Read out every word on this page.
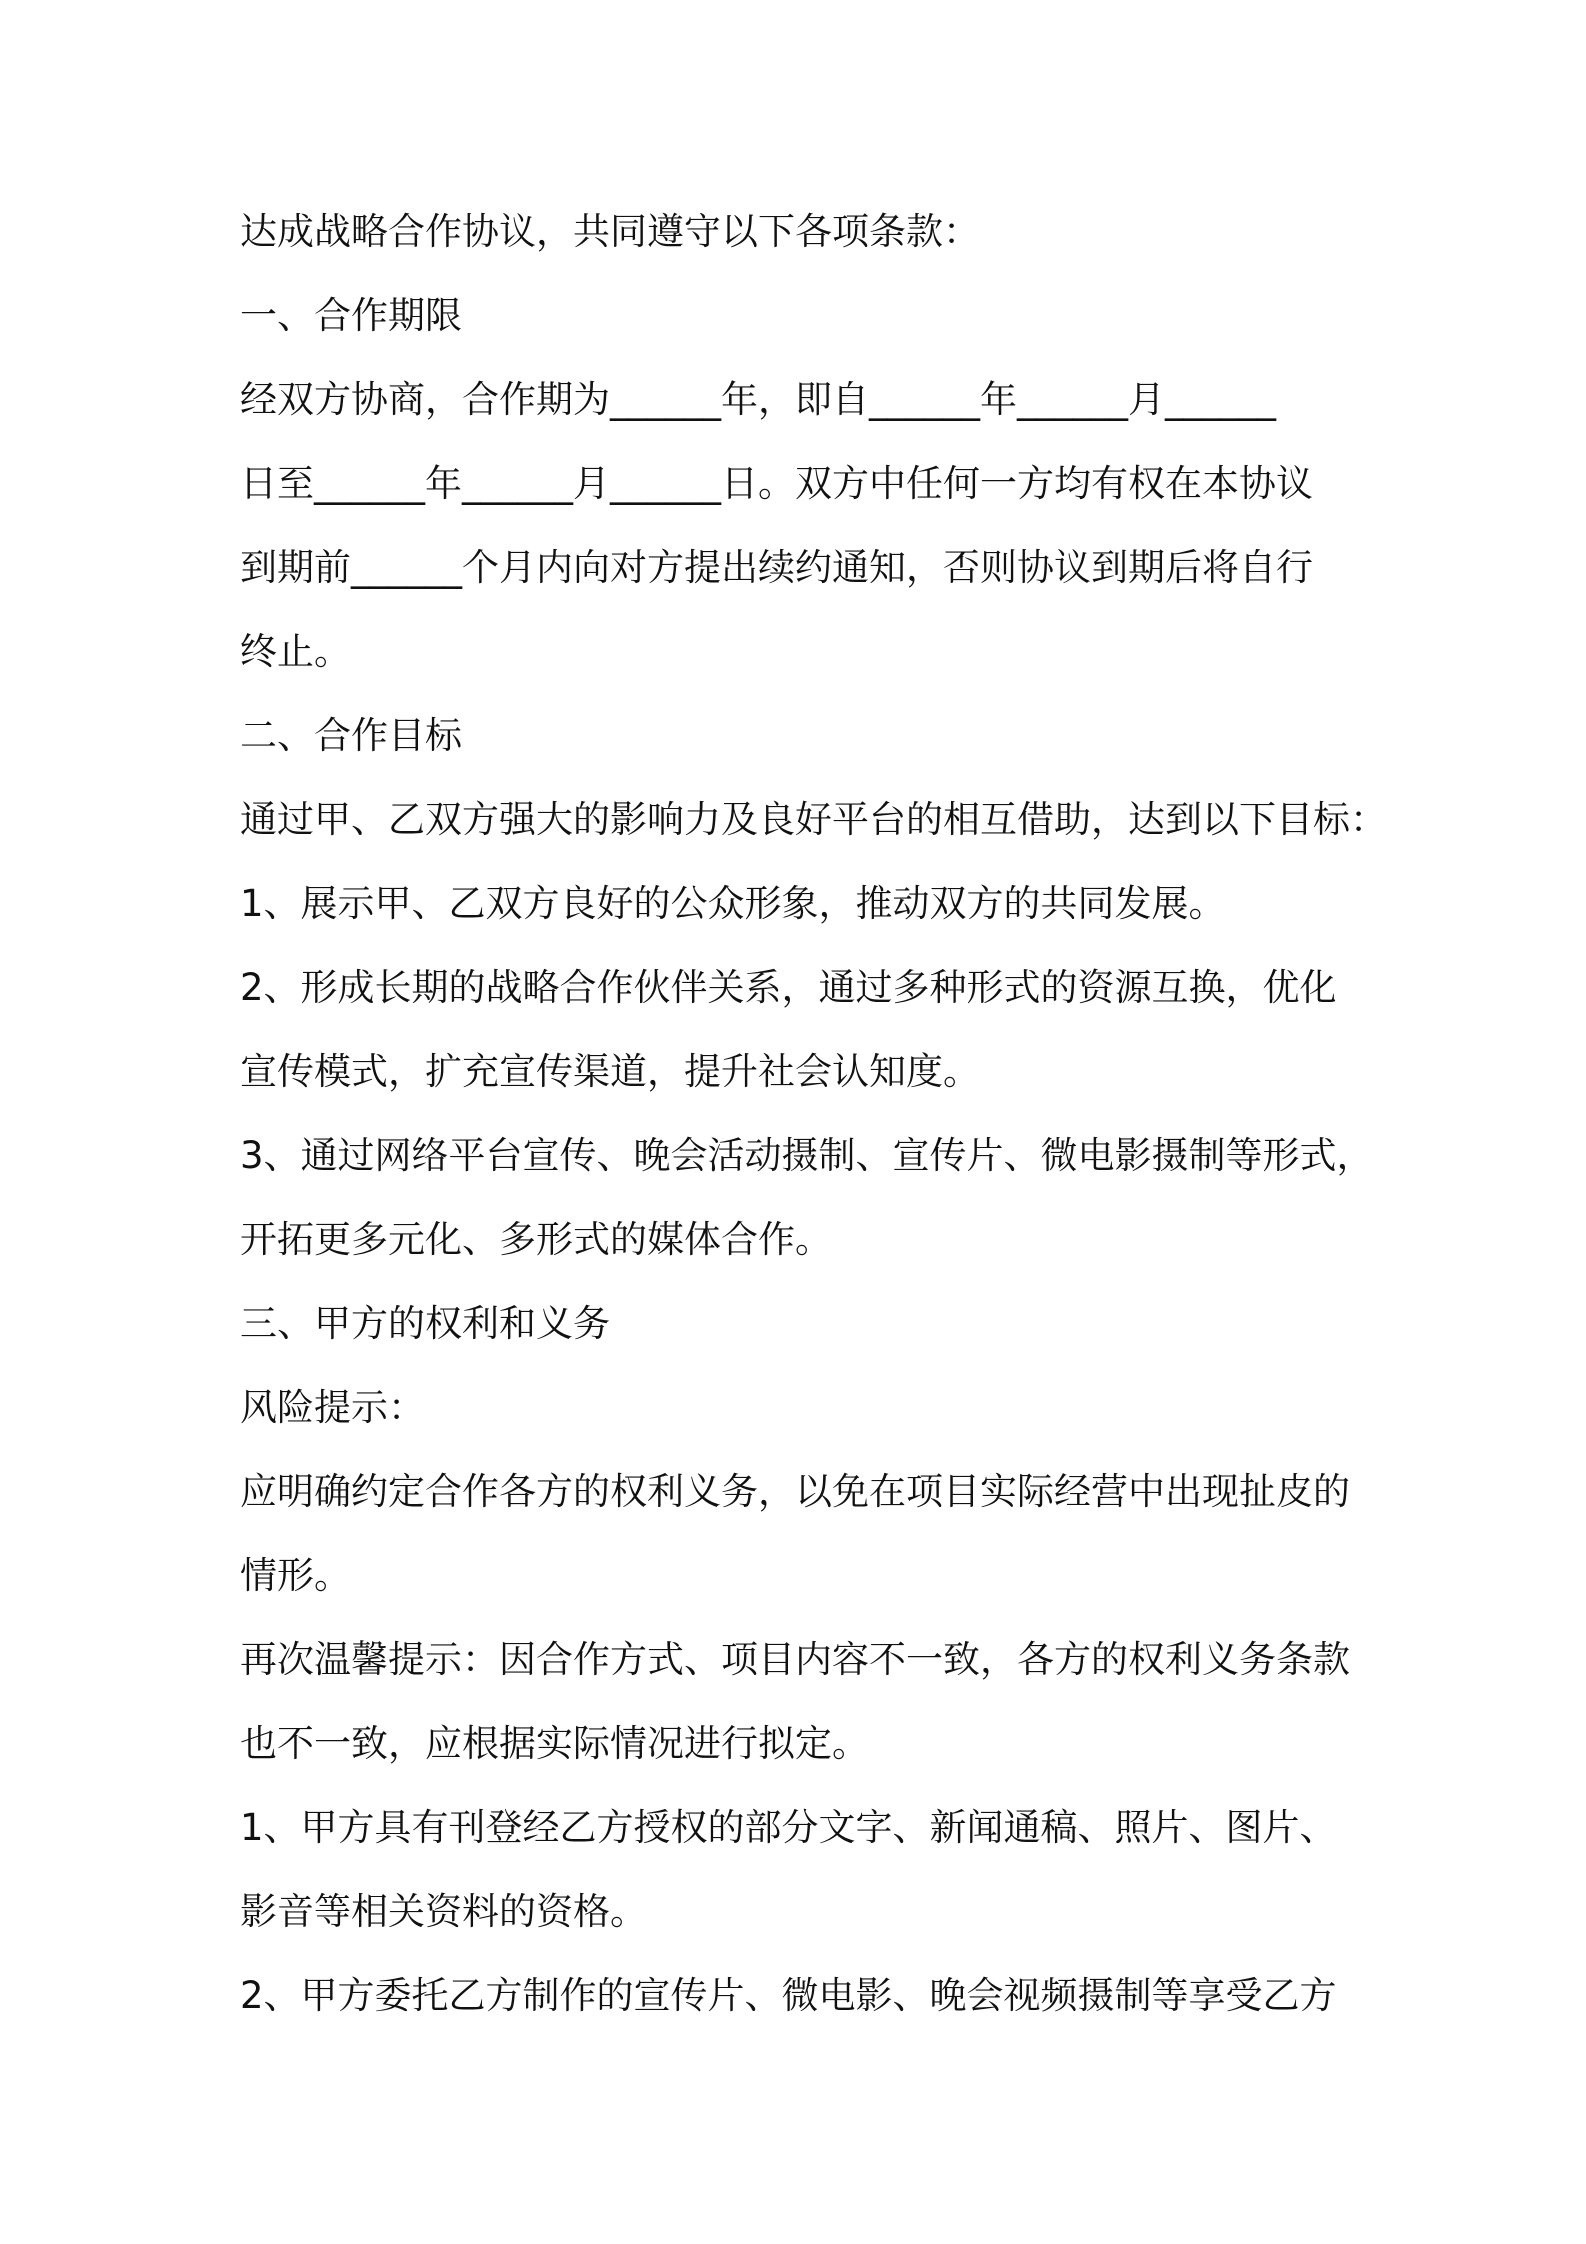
达成战略合作协议，共同遵守以下各项条款：

一、合作期限

经双方协商，合作期为______年，即自______年______月______

日至______年______月______日。双方中任何一方均有权在本协议

到期前______个月内向对方提出续约通知，否则协议到期后将自行

终止。

二、合作目标

通过甲、乙双方强大的影响力及良好平台的相互借助，达到以下目标：

1、展示甲、乙双方良好的公众形象，推动双方的共同发展。

2、形成长期的战略合作伙伴关系，通过多种形式的资源互换，优化

宣传模式，扩充宣传渠道，提升社会认知度。

3、通过网络平台宣传、晚会活动摄制、宣传片、微电影摄制等形式，

开拓更多元化、多形式的媒体合作。

三、甲方的权利和义务

风险提示：

应明确约定合作各方的权利义务，以免在项目实际经营中出现扯皮的

情形。

再次温馨提示：因合作方式、项目内容不一致，各方的权利义务条款

也不一致，应根据实际情况进行拟定。

1、甲方具有刊登经乙方授权的部分文字、新闻通稿、照片、图片、

影音等相关资料的资格。

2、甲方委托乙方制作的宣传片、微电影、晚会视频摄制等享受乙方
